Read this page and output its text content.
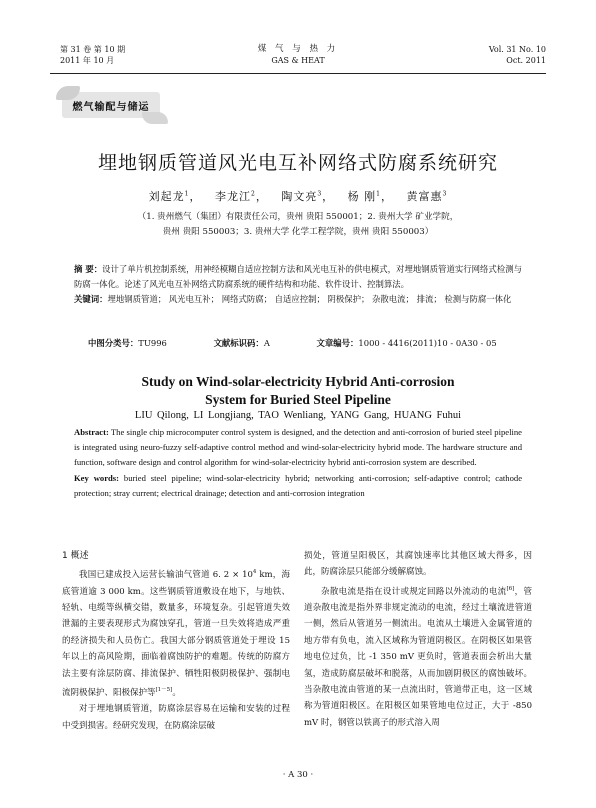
第 31 卷 第 10 期
2011 年 10 月
煤 气 与 热 力
GAS & HEAT
Vol. 31 No. 10
Oct. 2011
燃气输配与储运
埋地钢质管道风光电互补网络式防腐系统研究
刘起龙$^1$，   李龙江$^2$，   陶文亮$^3$，   杨 刚$^1$，   黄富惠$^3$
（1. 贵州燃气（集团）有限责任公司，贵州 贵阳 550001；2. 贵州大学 矿业学院，
贵州 贵阳 550003；3. 贵州大学 化学工程学院，贵州 贵阳 550003）
摘 要：设计了单片机控制系统，用神经模糊自适应控制方法和风光电互补的供电模式，对埋地钢质管道实行网络式检测与防腐一体化。论述了风光电互补网络式防腐系统的硬件结构和功能、软件设计、控制算法。
关键词：埋地钢质管道； 风光电互补； 网络式防腐； 自适应控制； 阴极保护； 杂散电流； 排流； 检测与防腐一体化
中图分类号：TU996	文献标识码：A	文章编号：1000 - 4416(2011)10 - 0A30 - 05
Study on Wind-solar-electricity Hybrid Anti-corrosion
System for Buried Steel Pipeline
LIU Qilong, LI Longjiang, TAO Wenliang, YANG Gang, HUANG Fuhui
Abstract: The single chip microcomputer control system is designed, and the detection and anti-corrosion of buried steel pipeline is integrated using neuro-fuzzy self-adaptive control method and wind-solar-electricity hybrid mode. The hardware structure and function, software design and control algorithm for wind-solar-electricity hybrid anti-corrosion system are described.
Key words: buried steel pipeline; wind-solar-electricity hybrid; networking anti-corrosion; self-adaptive control; cathode protection; stray current; electrical drainage; detection and anti-corrosion integration
1 概述

我国已建成投入运营长输油气管道 6. $2 \times 10^4$ km，海底管道逾 3 000 km。这些钢质管道敷设在地下，与地铁、轻轨、电缆等纵横交错，数量多，环境复杂。引起管道失效泄漏的主要表现形式为腐蚀穿孔，管道一旦失效将造成严重的经济损失和人员伤亡。我国大部分钢质管道处于埋设 15 年以上的高风险期，面临着腐蚀防护的难题。传统的防腐方法主要有涂层防腐、排流保护、牺牲阳极阴极保护、强制电流阴极保护、阳极保护等[1－5]。

对于埋地钢质管道，防腐涂层容易在运输和安装的过程中受到损害。经研究发现，在防腐涂层破

损处，管道呈阳极区，其腐蚀速率比其他区域大得多，因此，防腐涂层只能部分缓解腐蚀。

杂散电流是指在设计或规定回路以外流动的电流[6]，管道杂散电流是指外界非规定流动的电流，经过土壤流进管道一侧，然后从管道另一侧流出。电流从土壤进入金属管道的地方带有负电，流入区域称为管道阴极区。在阴极区如果管地电位过负，比 -1 350 mV 更负时，管道表面会析出大量氢，造成防腐层破坏和脱落，从而加剧阴极区的腐蚀破坏。当杂散电流由管道的某一点流出时，管道带正电，这一区域称为管道阳极区。在阳极区如果管地电位过正，大于 -850 mV 时，钢管以铁离子的形式溶入周

· A 30 ·
